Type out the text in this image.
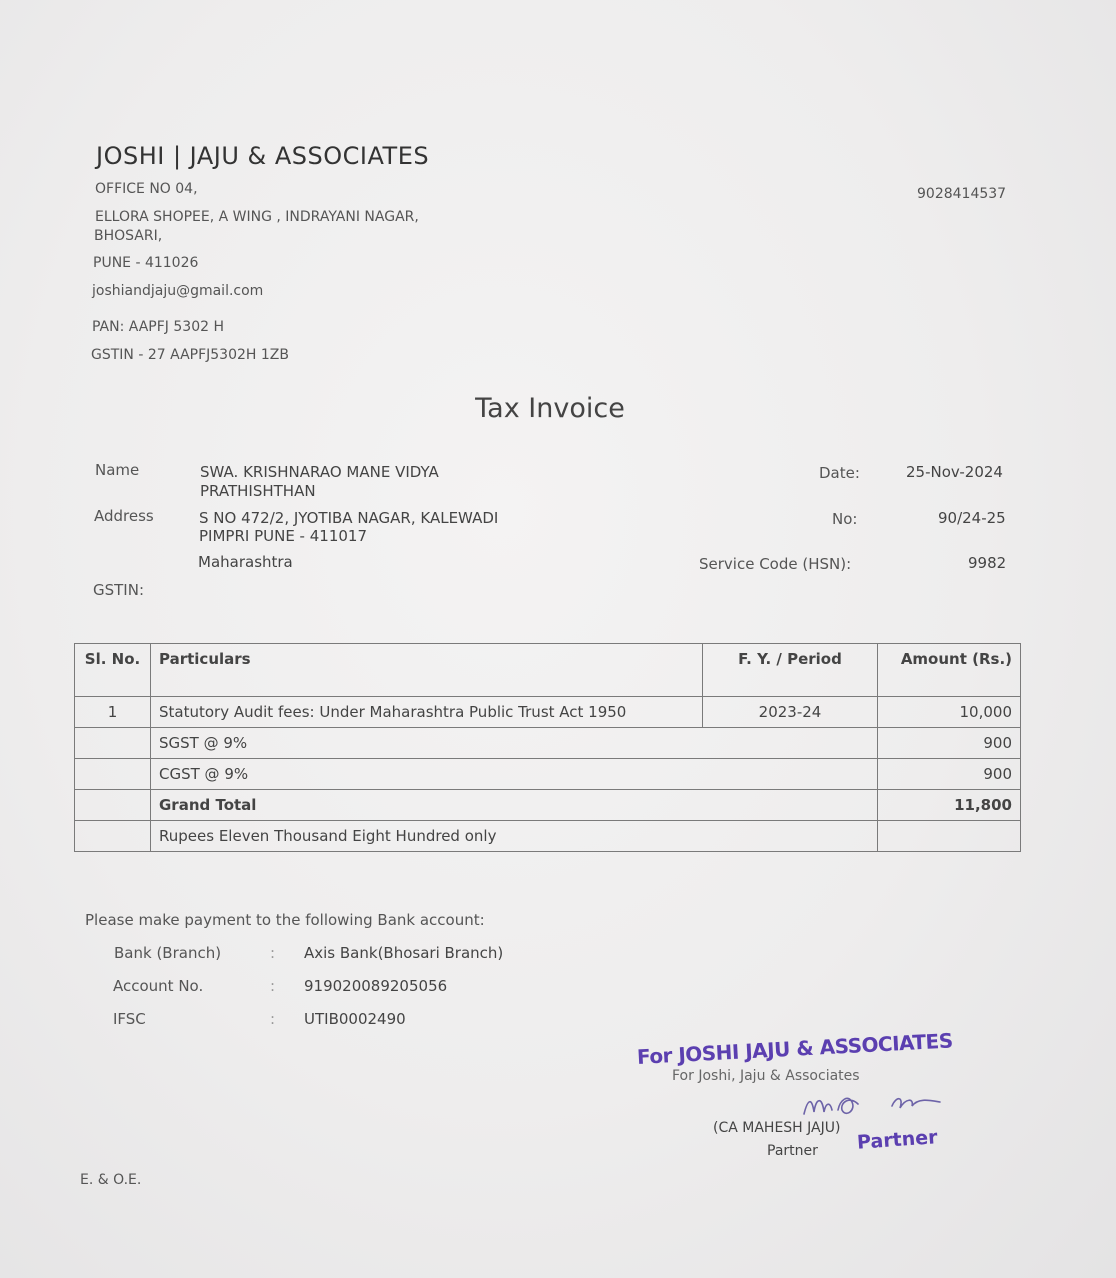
JOSHI | JAJU & ASSOCIATES
OFFICE NO 04,	9028414537
ELLORA SHOPEE, A WING , INDRAYANI NAGAR,
BHOSARI,
PUNE - 411026
joshiandjaju@gmail.com
PAN: AAPFJ 5302 H
GSTIN - 27 AAPFJ5302H 1ZB
Tax Invoice
Name	SWA. KRISHNARAO MANE VIDYA
PRATHISHTHAN
Address	S NO 472/2, JYOTIBA NAGAR, KALEWADI
PIMPRI PUNE - 411017
Maharashtra
GSTIN:
Date:	25-Nov-2024
No:	90/24-25
Service Code (HSN):	9982
Sl. No.	Particulars	F. Y. / Period	Amount (Rs.)
1	Statutory Audit fees: Under Maharashtra Public Trust Act 1950	2023-24	10,000
	SGST @ 9%		900
	CGST @ 9%		900
	Grand Total		11,800
	Rupees Eleven Thousand Eight Hundred only		
Please make payment to the following Bank account:
Bank (Branch)	: Axis Bank(Bhosari Branch)
Account No.	: 919020089205056
IFSC	: UTIB0002490
For Joshi, Jaju & Associates
For JOSHI JAJU & ASSOCIATES
(CA MAHESH JAJU)
Partner Partner
E. & O.E.
